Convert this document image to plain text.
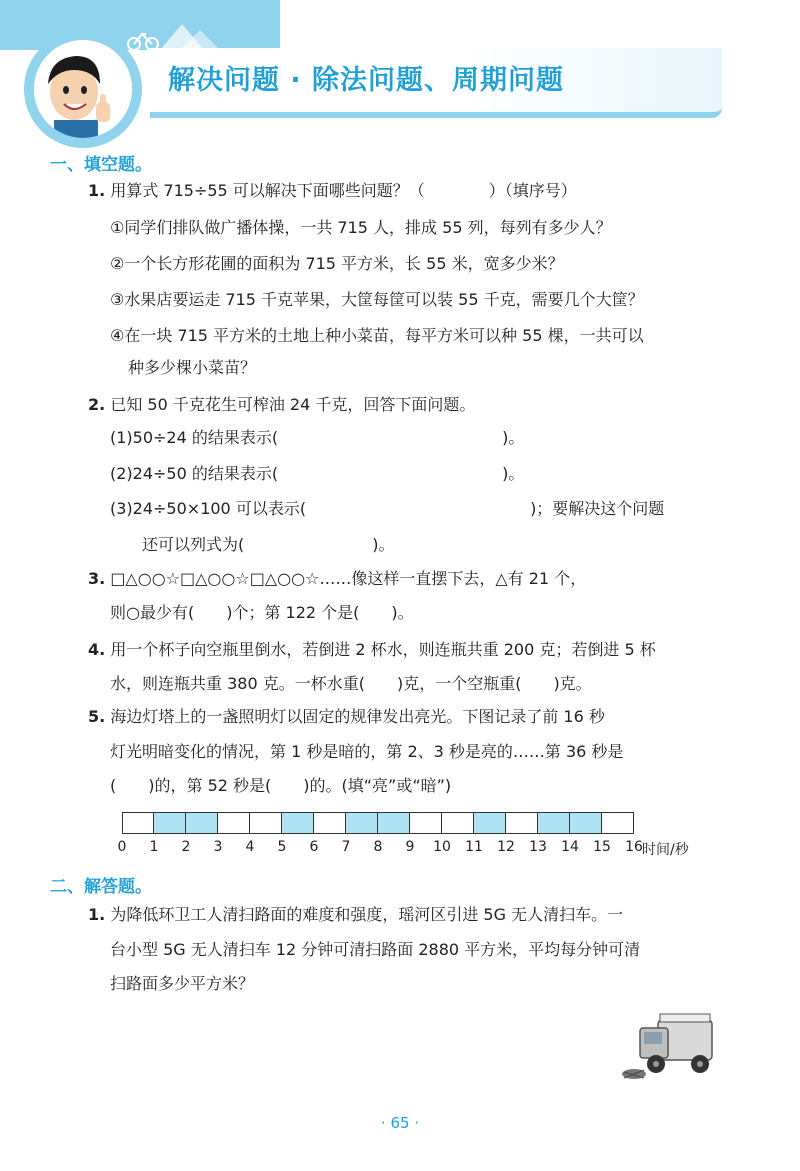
解决问题 · 除法问题、周期问题
一、填空题。
1. 用算式 715÷55 可以解决下面哪些问题？（　　　　）（填序号）
①同学们排队做广播体操，一共 715 人，排成 55 列，每列有多少人？
②一个长方形花圃的面积为 715 平方米，长 55 米，宽多少米？
③水果店要运走 715 千克苹果，大筐每筐可以装 55 千克，需要几个大筐？
④在一块 715 平方米的土地上种小菜苗，每平方米可以种 55 棵，一共可以
种多少棵小菜苗？
2. 已知 50 千克花生可榨油 24 千克，回答下面问题。
(1)50÷24 的结果表示(　　　　　　　　　　　　　　)。
(2)24÷50 的结果表示(　　　　　　　　　　　　　　)。
(3)24÷50×100 可以表示(　　　　　　　　　　　　　　)；要解决这个问题
还可以列式为(　　　　　　　　)。
3. □△○○☆□△○○☆□△○○☆……像这样一直摆下去，△有 21 个，
则○最少有(　　)个；第 122 个是(　　)。
4. 用一个杯子向空瓶里倒水，若倒进 2 杯水，则连瓶共重 200 克；若倒进 5 杯
水，则连瓶共重 380 克。一杯水重(　　)克，一个空瓶重(　　)克。
5. 海边灯塔上的一盏照明灯以固定的规律发出亮光。下图记录了前 16 秒
灯光明暗变化的情况，第 1 秒是暗的，第 2、3 秒是亮的……第 36 秒是
(　　)的，第 52 秒是(　　)的。(填“亮”或“暗”)
0	1	2	3	4	5	6	7	8	9	10 11 12 13 14 15 16 时间/秒
二、解答题。
1. 为降低环卫工人清扫路面的难度和强度，瑶河区引进 5G 无人清扫车。一
台小型 5G 无人清扫车 12 分钟可清扫路面 2880 平方米，平均每分钟可清
扫路面多少平方米？
· 65 ·
